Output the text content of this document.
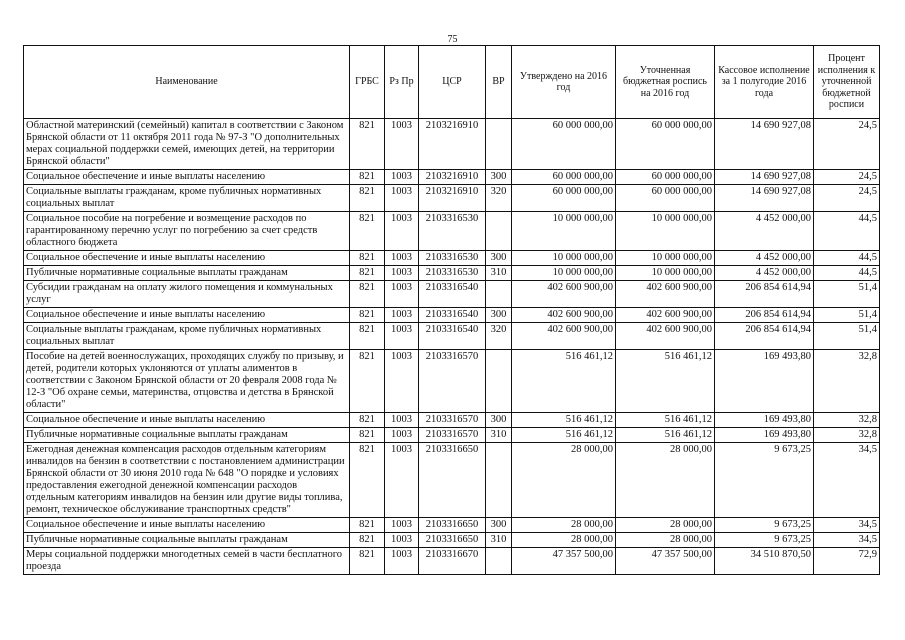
75
Наименование	ГРБС	Рз Пр	ЦСР	ВР	Утверждено на 2016 год	Уточненная бюджетная роспись на 2016 год	Кассовое исполнение за 1 полугодие 2016 года	Процент исполнения к уточненной бюджетной росписи
Областной материнский (семейный) капитал в соответствии с Законом Брянской области от 11 октября 2011 года № 97-З "О дополнительных мерах социальной поддержки семей, имеющих детей, на территории Брянской области"	821	1003	2103216910		60 000 000,00	60 000 000,00	14 690 927,08	24,5
Социальное обеспечение и иные выплаты населению	821	1003	2103216910	300	60 000 000,00	60 000 000,00	14 690 927,08	24,5
Социальные выплаты гражданам, кроме публичных нормативных социальных выплат	821	1003	2103216910	320	60 000 000,00	60 000 000,00	14 690 927,08	24,5
Социальное пособие на погребение и возмещение расходов по гарантированному перечню услуг по погребению за счет средств областного бюджета	821	1003	2103316530		10 000 000,00	10 000 000,00	4 452 000,00	44,5
Социальное обеспечение и иные выплаты населению	821	1003	2103316530	300	10 000 000,00	10 000 000,00	4 452 000,00	44,5
Публичные нормативные социальные выплаты гражданам	821	1003	2103316530	310	10 000 000,00	10 000 000,00	4 452 000,00	44,5
Субсидии гражданам на оплату жилого помещения и коммунальных услуг	821	1003	2103316540		402 600 900,00	402 600 900,00	206 854 614,94	51,4
Социальное обеспечение и иные выплаты населению	821	1003	2103316540	300	402 600 900,00	402 600 900,00	206 854 614,94	51,4
Социальные выплаты гражданам, кроме публичных нормативных социальных выплат	821	1003	2103316540	320	402 600 900,00	402 600 900,00	206 854 614,94	51,4
Пособие на детей военнослужащих, проходящих службу по призыву, и детей, родители которых уклоняются от уплаты алиментов в соответствии с Законом Брянской области от 20 февраля 2008 года № 12-З "Об охране семьи, материнства, отцовства и детства в Брянской области"	821	1003	2103316570		516 461,12	516 461,12	169 493,80	32,8
Социальное обеспечение и иные выплаты населению	821	1003	2103316570	300	516 461,12	516 461,12	169 493,80	32,8
Публичные нормативные социальные выплаты гражданам	821	1003	2103316570	310	516 461,12	516 461,12	169 493,80	32,8
Ежегодная денежная компенсация расходов отдельным категориям инвалидов на бензин в соответствии с постановлением администрации Брянской области от 30 июня 2010 года № 648 "О порядке и условиях предоставления ежегодной денежной компенсации расходов отдельным категориям инвалидов на бензин или другие виды топлива, ремонт, техническое обслуживание транспортных средств"	821	1003	2103316650		28 000,00	28 000,00	9 673,25	34,5
Социальное обеспечение и иные выплаты населению	821	1003	2103316650	300	28 000,00	28 000,00	9 673,25	34,5
Публичные нормативные социальные выплаты гражданам	821	1003	2103316650	310	28 000,00	28 000,00	9 673,25	34,5
Меры социальной поддержки многодетных семей в части бесплатного проезда	821	1003	2103316670		47 357 500,00	47 357 500,00	34 510 870,50	72,9
